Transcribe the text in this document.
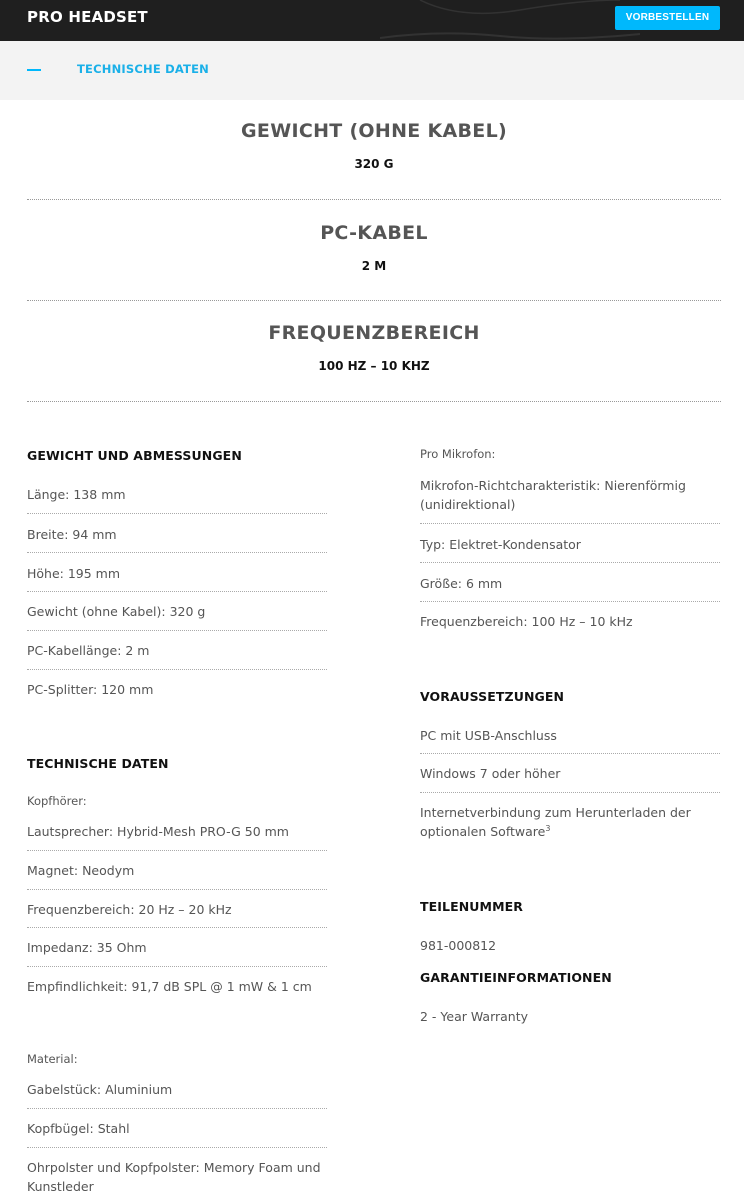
PRO HEADSET	VORBESTELLEN
TECHNISCHE DATEN
GEWICHT (OHNE KABEL)
320 G
PC-KABEL
2 M
FREQUENZBEREICH
100 HZ – 10 KHZ
GEWICHT UND ABMESSUNGEN
Länge: 138 mm
Breite: 94 mm
Höhe: 195 mm
Gewicht (ohne Kabel): 320 g
PC-Kabellänge: 2 m
PC-Splitter: 120 mm
TECHNISCHE DATEN
Kopfhörer:
Lautsprecher: Hybrid-Mesh PRO-G 50 mm
Magnet: Neodym
Frequenzbereich: 20 Hz – 20 kHz
Impedanz: 35 Ohm
Empfindlichkeit: 91,7 dB SPL @ 1 mW & 1 cm
Material:
Gabelstück: Aluminium
Kopfbügel: Stahl
Ohrpolster und Kopfpolster: Memory Foam und
Kunstleder
Pro Mikrofon:
Mikrofon-Richtcharakteristik: Nierenförmig
(unidirektional)
Typ: Elektret-Kondensator
Größe: 6 mm
Frequenzbereich: 100 Hz – 10 kHz
VORAUSSETZUNGEN
PC mit USB-Anschluss
Windows 7 oder höher
Internetverbindung zum Herunterladen der
optionalen Software$^3$
TEILENUMMER
981-000812
GARANTIEINFORMATIONEN
2 - Year Warranty
